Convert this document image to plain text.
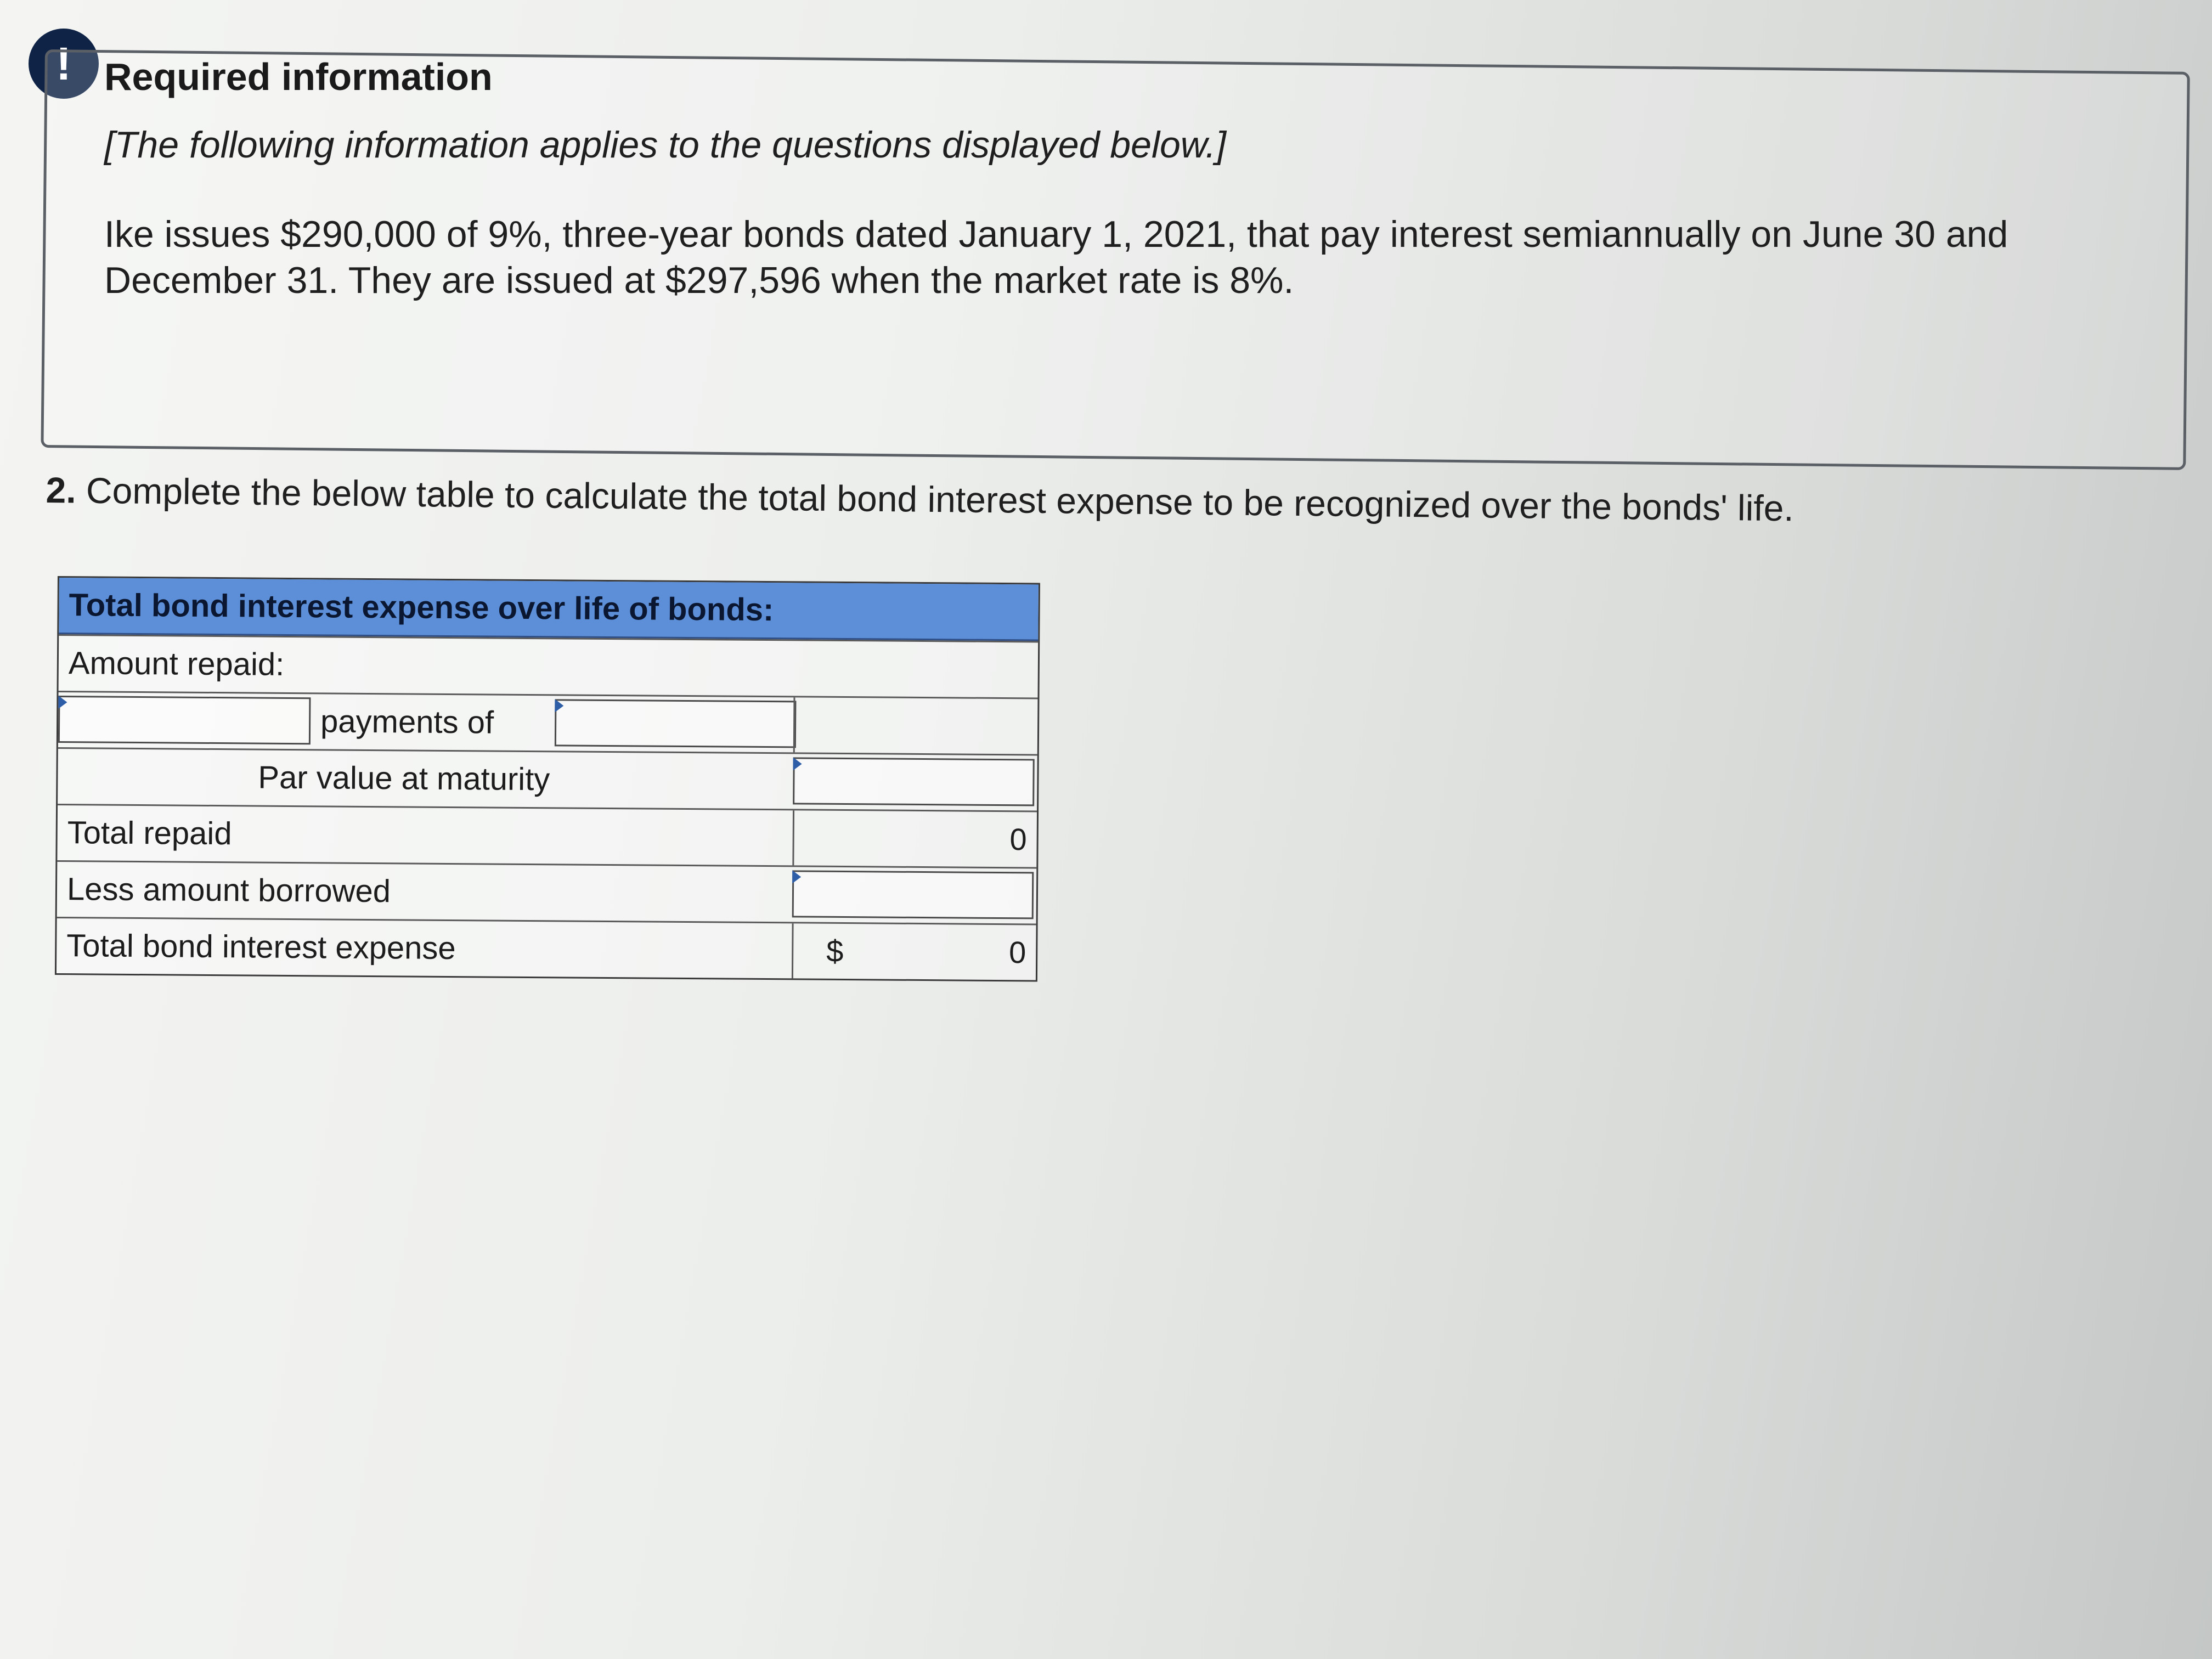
! Required information
[The following information applies to the questions displayed below.]
Ike issues $290,000 of 9%, three-year bonds dated January 1, 2021, that pay interest semiannually on June 30 and December 31. They are issued at $297,596 when the market rate is 8%.
2. Complete the below table to calculate the total bond interest expense to be recognized over the bonds' life.
Total bond interest expense over life of bonds:
Amount repaid:
payments of
Par value at maturity
Total repaid	0
Less amount borrowed
Total bond interest expense	$	0
